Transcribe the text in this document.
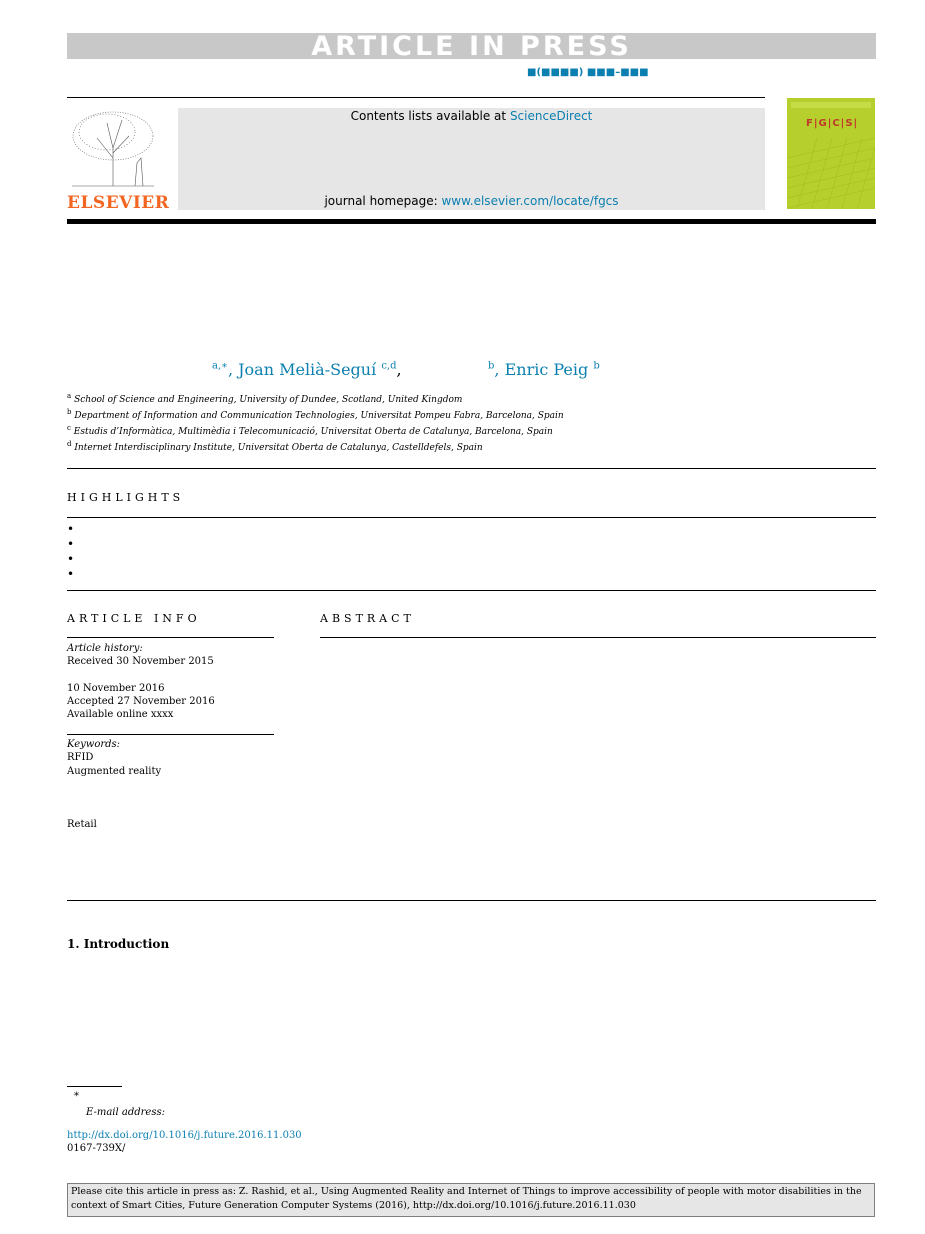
ARTICLE IN PRESS
■(■■■■) ■■■–■■■
ELSEVIER
Contents lists available at ScienceDirect
journal homepage: www.elsevier.com/locate/fgcs
F|G|C|S|
$^{a,∗}$, Joan Melià-Seguí $^{c,d}$,	$^b$, Enric Peig $^b$
$^a$ School of Science and Engineering, University of Dundee, Scotland, United Kingdom
$^b$ Department of Information and Communication Technologies, Universitat Pompeu Fabra, Barcelona, Spain
$^c$ Estudis d’Informàtica, Multimèdia i Telecomunicació, Universitat Oberta de Catalunya, Barcelona, Spain
$^d$ Internet Interdisciplinary Institute, Universitat Oberta de Catalunya, Castelldefels, Spain
HIGHLIGHTS
•
•
•
•
ARTICLE INFO	ABSTRACT
Article history:
Received 30 November 2015
10 November 2016
Accepted 27 November 2016
Available online xxxx
Keywords:
RFID
Augmented reality
Retail
1. Introduction
*
E-mail address:
http://dx.doi.org/10.1016/j.future.2016.11.030
0167-739X/
Please cite this article in press as: Z. Rashid, et al., Using Augmented Reality and Internet of Things to improve accessibility of people with motor disabilities in the context of Smart Cities, Future Generation Computer Systems (2016), http://dx.doi.org/10.1016/j.future.2016.11.030
